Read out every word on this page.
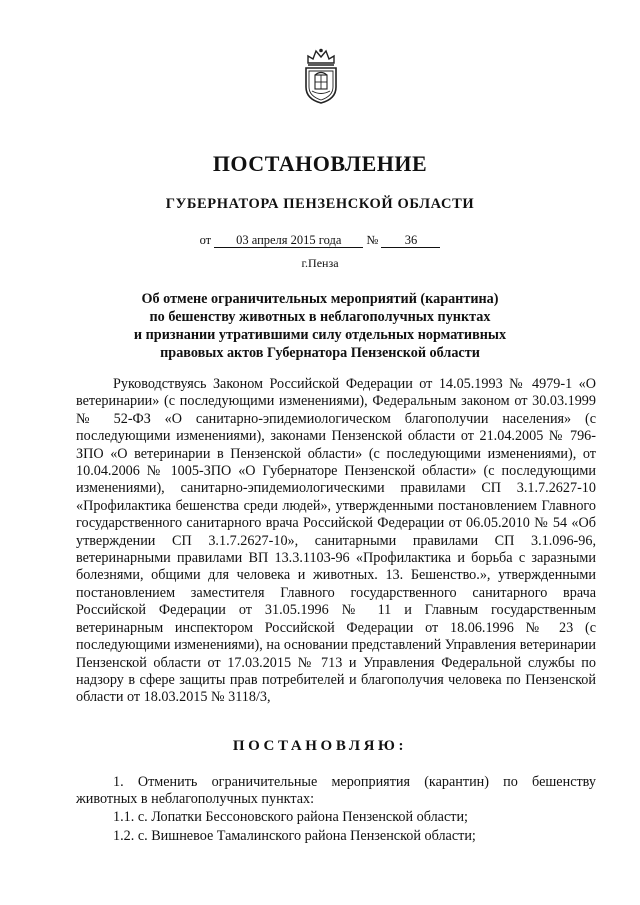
ПОСТАНОВЛЕНИЕ
ГУБЕРНАТОРА ПЕНЗЕНСКОЙ ОБЛАСТИ
от 03 апреля 2015 года № 36
г.Пенза
Об отмене ограничительных мероприятий (карантина)
по бешенству животных в неблагополучных пунктах
и признании утратившими силу отдельных нормативных
правовых актов Губернатора Пензенской области
Руководствуясь Законом Российской Федерации от 14.05.1993 № 4979-1 «О ветеринарии» (с последующими изменениями), Федеральным законом от 30.03.1999 № 52-ФЗ «О санитарно-эпидемиологическом благополучии населения» (с последующими изменениями), законами Пензенской области от 21.04.2005 № 796-ЗПО «О ветеринарии в Пензенской области» (с последующими изменениями), от 10.04.2006 № 1005-ЗПО «О Губернаторе Пензенской области» (с последующими изменениями), санитарно-эпидемиологическими правилами СП 3.1.7.2627-10 «Профилактика бешенства среди людей», утвержденными постановлением Главного государственного санитарного врача Российской Федерации от 06.05.2010 № 54 «Об утверждении СП 3.1.7.2627-10», санитарными правилами СП 3.1.096-96, ветеринарными правилами ВП 13.3.1103-96 «Профилактика и борьба с заразными болезнями, общими для человека и животных. 13. Бешенство.», утвержденными постановлением заместителя Главного государственного санитарного врача Российской Федерации от 31.05.1996 № 11 и Главным государственным ветеринарным инспектором Российской Федерации от 18.06.1996 № 23 (с последующими изменениями), на основании представлений Управления ветеринарии Пензенской области от 17.03.2015 № 713 и Управления Федеральной службы по надзору в сфере защиты прав потребителей и благополучия человека по Пензенской области от 18.03.2015 № 3118/3,
ПОСТАНОВЛЯЮ:
1. Отменить ограничительные мероприятия (карантин) по бешенству животных в неблагополучных пунктах:
1.1. с. Лопатки Бессоновского района Пензенской области;
1.2. с. Вишневое Тамалинского района Пензенской области;
